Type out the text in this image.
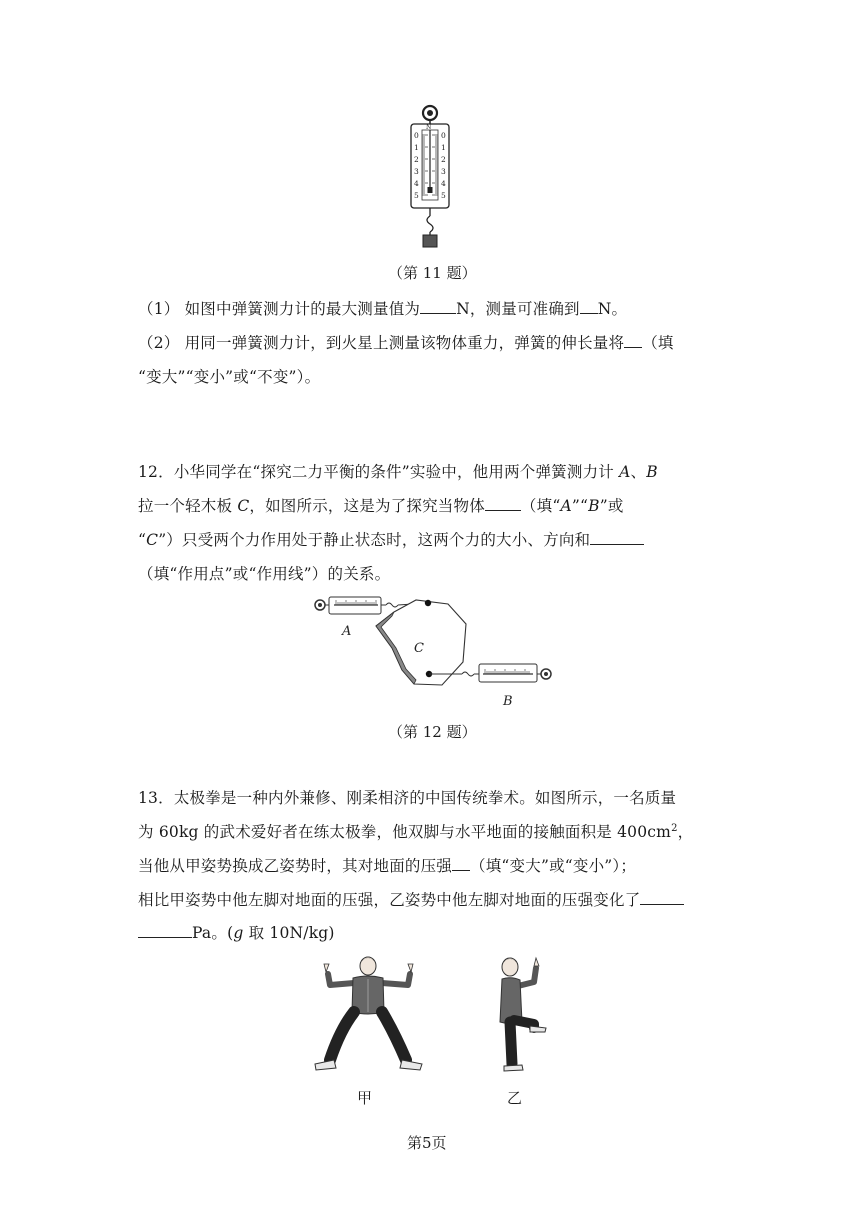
0
1
2
3
4
5
0
1
2
3
4
5
N
（第 11 题）
（1） 如图中弹簧测力计的最大测量值为 N，测量可准确到 N。
（2） 用同一弹簧测力计，到火星上测量该物体重力，弹簧的伸长量将 （填
“变大”“变小”或“不变”）。
12．小华同学在“探究二力平衡的条件”实验中，他用两个弹簧测力计 A、B
拉一个轻木板 C，如图所示，这是为了探究当物体 （填“A”“B”或
“C”）只受两个力作用处于静止状态时，这两个力的大小、方向和
（填“作用点”或“作用线”）的关系。
A
C
B
（第 12 题）
13．太极拳是一种内外兼修、刚柔相济的中国传统拳术。如图所示，一名质量
为 60kg 的武术爱好者在练太极拳，他双脚与水平地面的接触面积是 $400cm^2$，
当他从甲姿势换成乙姿势时，其对地面的压强 （填“变大”或“变小”）；
相比甲姿势中他左脚对地面的压强，乙姿势中他左脚对地面的压强变化了
Pa。(g 取 10N/kg)
甲	乙
第5页
